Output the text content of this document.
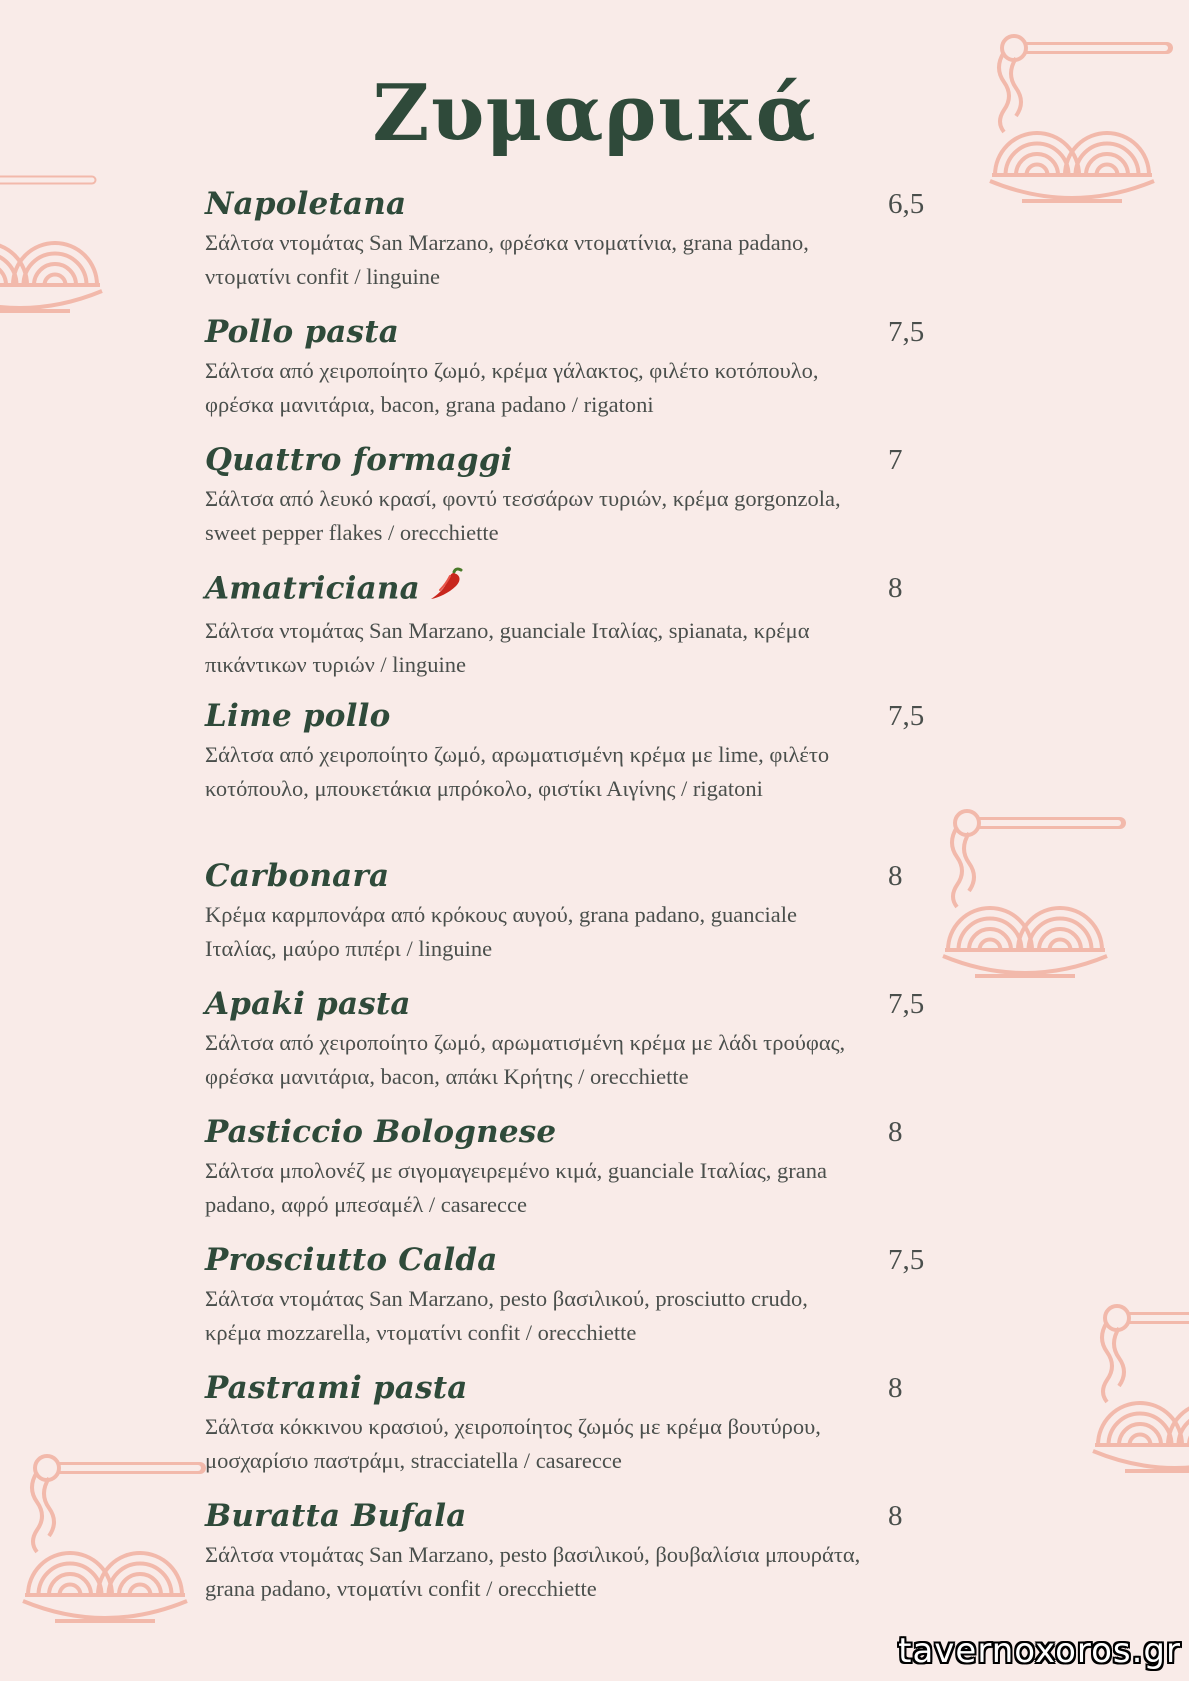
Ζυμαρικά
Napoletana	6,5
Σάλτσα ντομάτας San Marzano, φρέσκα ντοματίνια, grana padano, ντοματίνι confit / linguine
Pollo pasta	7,5
Σάλτσα από χειροποίητο ζωμό, κρέμα γάλακτος, φιλέτο κοτόπουλο, φρέσκα μανιτάρια, bacon, grana padano / rigatoni
Quattro formaggi	7
Σάλτσα από λευκό κρασί, φοντύ τεσσάρων τυριών, κρέμα gorgonzola, sweet pepper flakes / orecchiette
Amatriciana	8
Σάλτσα ντομάτας San Marzano, guanciale Ιταλίας, spianata, κρέμα πικάντικων τυριών / linguine
Lime pollo	7,5
Σάλτσα από χειροποίητο ζωμό, αρωματισμένη κρέμα με lime, φιλέτο κοτόπουλο, μπουκετάκια μπρόκολο, φιστίκι Αιγίνης / rigatoni
Carbonara	8
Κρέμα καρμπονάρα από κρόκους αυγού, grana padano, guanciale Ιταλίας, μαύρο πιπέρι / linguine
Apaki pasta	7,5
Σάλτσα από χειροποίητο ζωμό, αρωματισμένη κρέμα με λάδι τρούφας, φρέσκα μανιτάρια, bacon, απάκι Κρήτης / orecchiette
Pasticcio Bolognese	8
Σάλτσα μπολονέζ με σιγομαγειρεμένο κιμά, guanciale Ιταλίας, grana padano, αφρό μπεσαμέλ / casarecce
Prosciutto Calda	7,5
Σάλτσα ντομάτας San Marzano, pesto βασιλικού, prosciutto crudo, κρέμα mozzarella, ντοματίνι confit / orecchiette
Pastrami pasta	8
Σάλτσα κόκκινου κρασιού, χειροποίητος ζωμός με κρέμα βουτύρου, μοσχαρίσιο παστράμι, stracciatella / casarecce
Buratta Bufala	8
Σάλτσα ντομάτας San Marzano, pesto βασιλικού, βουβαλίσια μπουράτα, grana padano, ντοματίνι confit / orecchiette
tavernoxoros.gr
